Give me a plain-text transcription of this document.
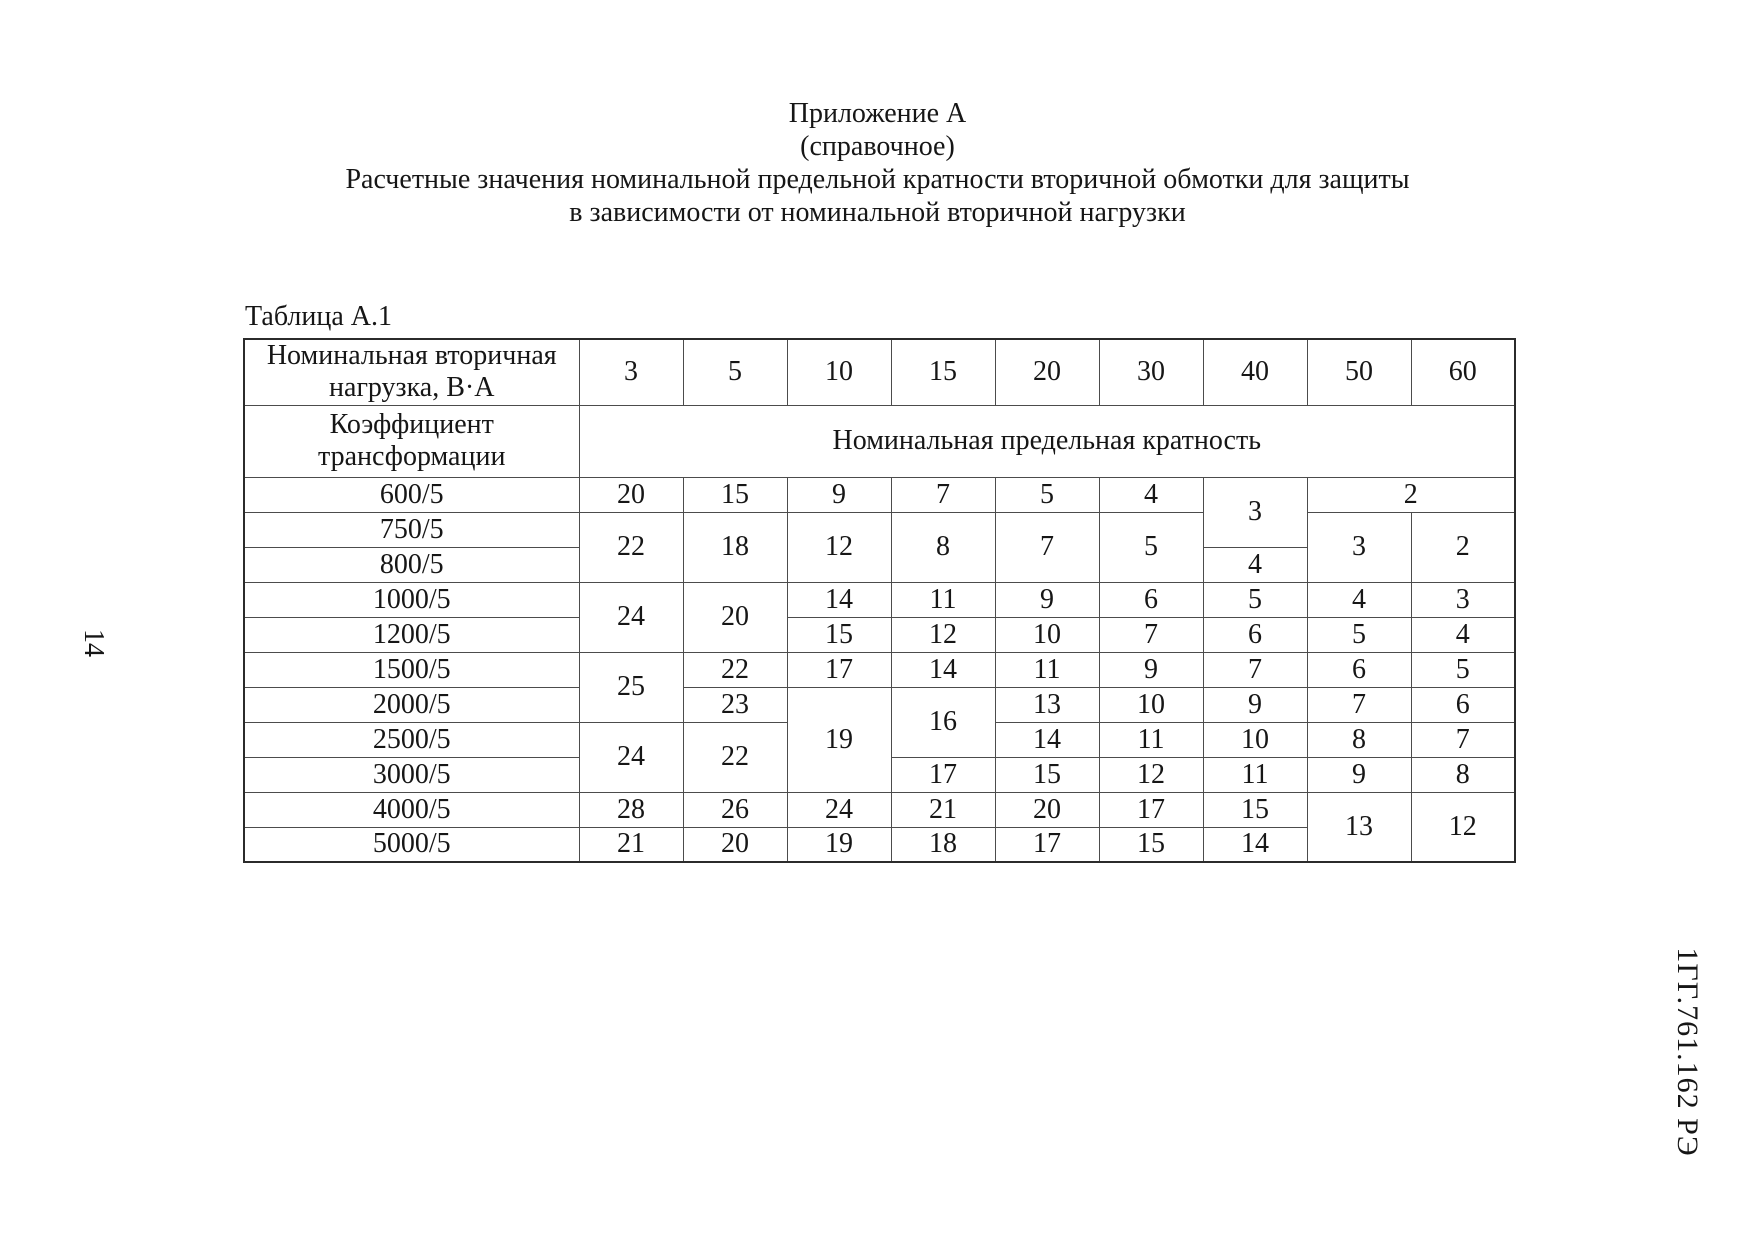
Приложение А
(справочное)
Расчетные значения номинальной предельной кратности вторичной обмотки для защиты
в зависимости от номинальной вторичной нагрузки
Таблица А.1
Номинальная вторичная нагрузка, В·А	3	5	10	15	20	30	40	50	60
Коэффициент трансформации	Номинальная предельная кратность								
600/5	20	15	9	7	5	4	3	2	
750/5	22	18	12	8	7	5		3	2
800/5							4		
1000/5	24	20	14	11	9	6	5	4	3
1200/5			15	12	10	7	6	5	4
1500/5	25	22	17	14	11	9	7	6	5
2000/5		23	19	16	13	10	9	7	6
2500/5	24	22			14	11	10	8	7
3000/5				17	15	12	11	9	8
4000/5	28	26	24	21	20	17	15	13	12
5000/5	21	20	19	18	17	15	14		
14
1ГГ.761.162 РЭ
